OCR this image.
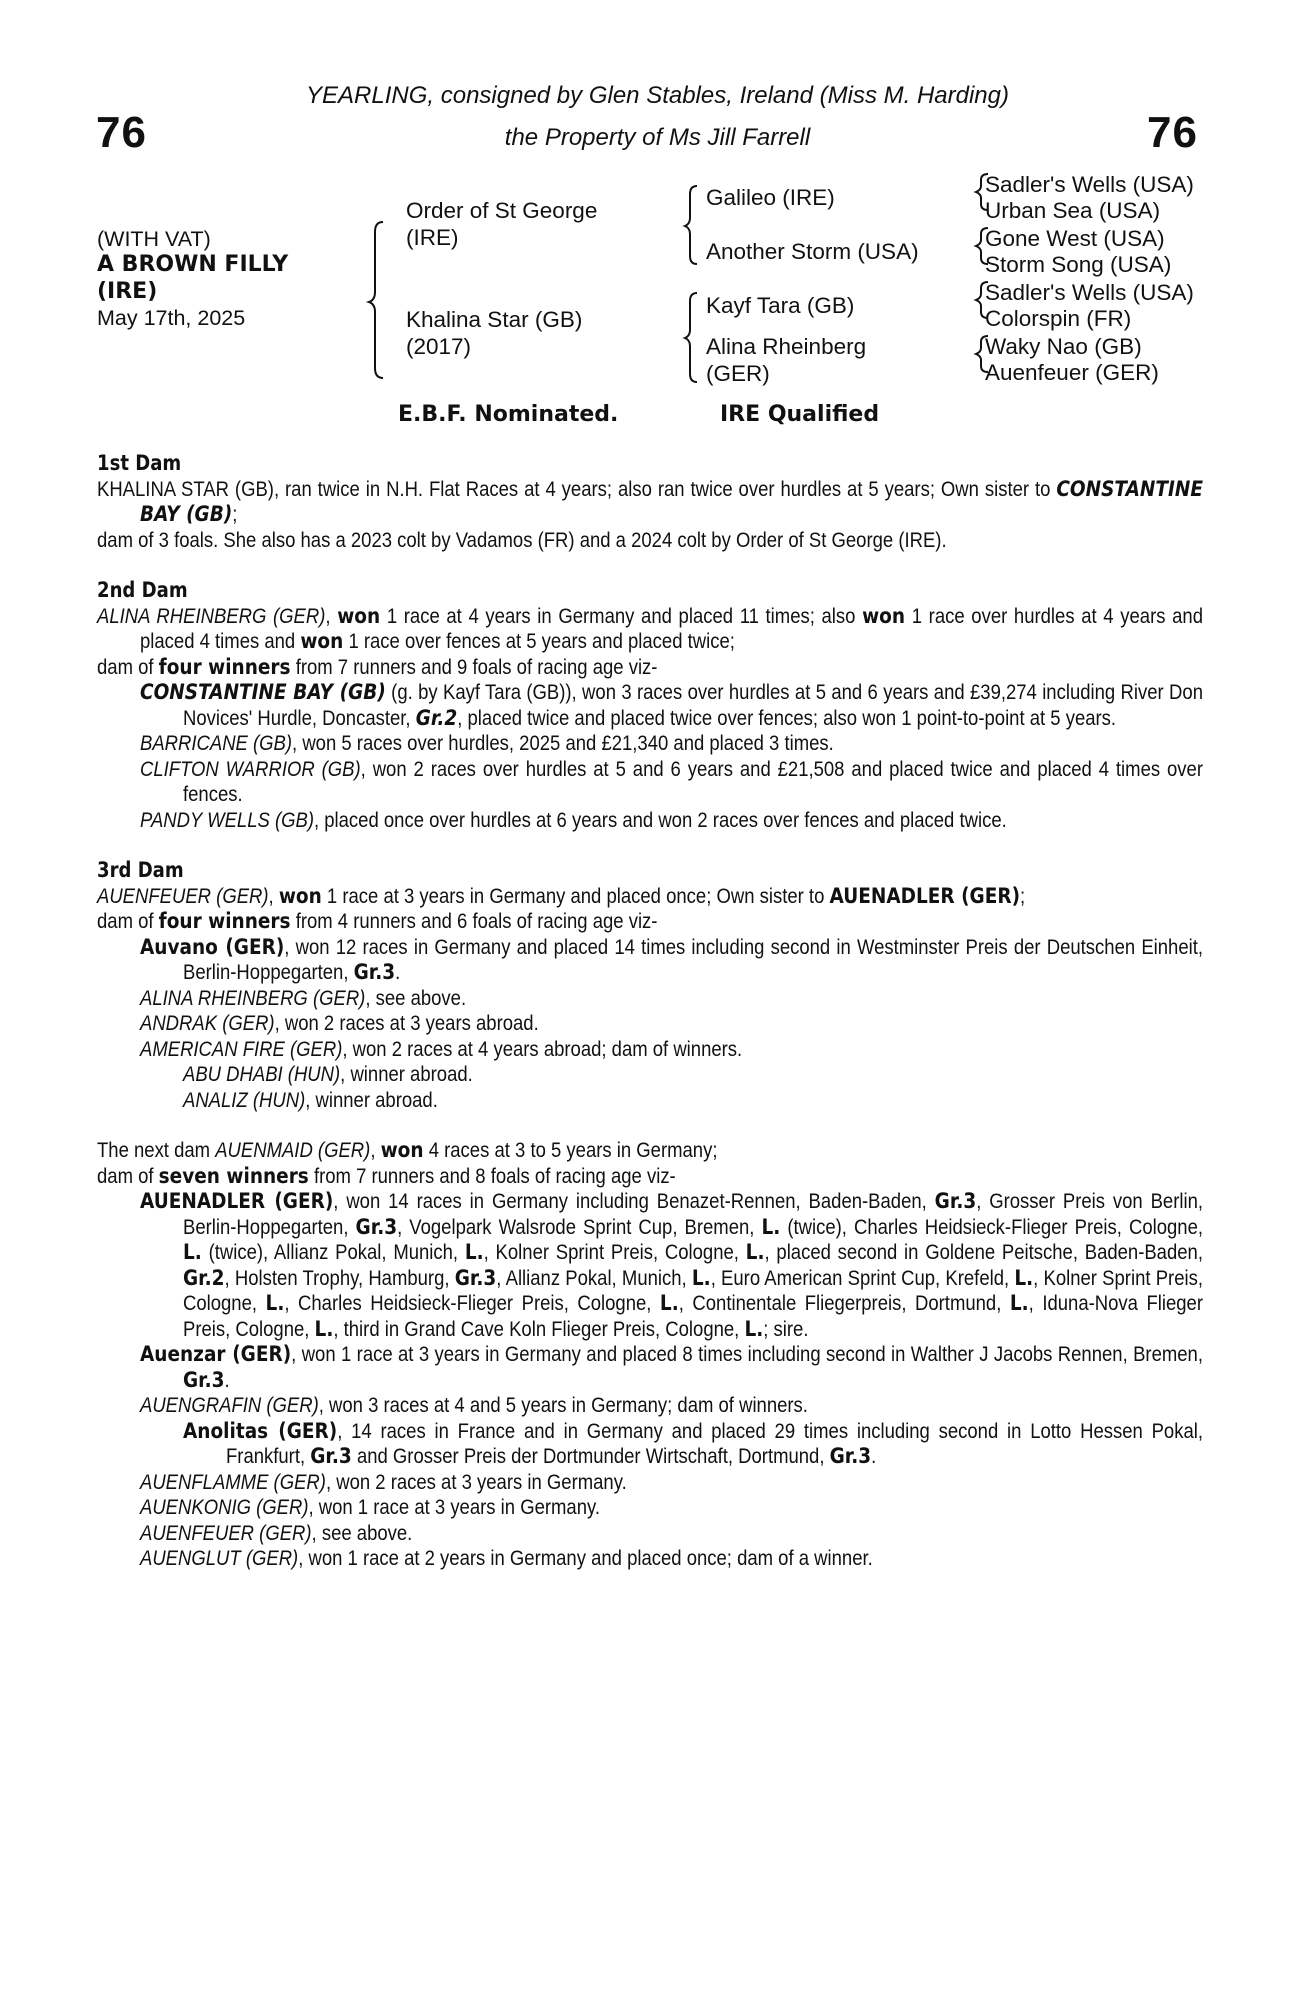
YEARLING, consigned by Glen Stables, Ireland (Miss M. Harding)
the Property of Ms Jill Farrell
76	76
(WITH VAT)
A BROWN FILLY
(IRE)
May 17th, 2025
Order of St George
(IRE)
Khalina Star (GB)
(2017)
Galileo (IRE)
Another Storm (USA)
Kayf Tara (GB)
Alina Rheinberg
(GER)
Sadler's Wells (USA)
Urban Sea (USA)
Gone West (USA)
Storm Song (USA)
Sadler's Wells (USA)
Colorspin (FR)
Waky Nao (GB)
Auenfeuer (GER)
E.B.F. Nominated.	IRE Qualified

1st Dam

KHALINA STAR (GB), ran twice in N.H. Flat Races at 4 years; also ran twice over hurdles at 5 years; Own sister to CONSTANTINE BAY (GB);

dam of 3 foals. She also has a 2023 colt by Vadamos (FR) and a 2024 colt by Order of St George (IRE).

2nd Dam

ALINA RHEINBERG (GER), won 1 race at 4 years in Germany and placed 11 times; also won 1 race over hurdles at 4 years and placed 4 times and won 1 race over fences at 5 years and placed twice;

dam of four winners from 7 runners and 9 foals of racing age viz-

CONSTANTINE BAY (GB) (g. by Kayf Tara (GB)), won 3 races over hurdles at 5 and 6 years and £39,274 including River Don Novices' Hurdle, Doncaster, Gr.2, placed twice and placed twice over fences; also won 1 point-to-point at 5 years.

BARRICANE (GB), won 5 races over hurdles, 2025 and £21,340 and placed 3 times.

CLIFTON WARRIOR (GB), won 2 races over hurdles at 5 and 6 years and £21,508 and placed twice and placed 4 times over fences.

PANDY WELLS (GB), placed once over hurdles at 6 years and won 2 races over fences and placed twice.

3rd Dam

AUENFEUER (GER), won 1 race at 3 years in Germany and placed once; Own sister to AUENADLER (GER);

dam of four winners from 4 runners and 6 foals of racing age viz-

Auvano (GER), won 12 races in Germany and placed 14 times including second in Westminster Preis der Deutschen Einheit, Berlin-Hoppegarten, Gr.3.

ALINA RHEINBERG (GER), see above.

ANDRAK (GER), won 2 races at 3 years abroad.

AMERICAN FIRE (GER), won 2 races at 4 years abroad; dam of winners.

ABU DHABI (HUN), winner abroad.

ANALIZ (HUN), winner abroad.

The next dam AUENMAID (GER), won 4 races at 3 to 5 years in Germany;

dam of seven winners from 7 runners and 8 foals of racing age viz-

AUENADLER (GER), won 14 races in Germany including Benazet-Rennen, Baden-Baden, Gr.3, Grosser Preis von Berlin, Berlin-Hoppegarten, Gr.3, Vogelpark Walsrode Sprint Cup, Bremen, L. (twice), Charles Heidsieck-Flieger Preis, Cologne, L. (twice), Allianz Pokal, Munich, L., Kolner Sprint Preis, Cologne, L., placed second in Goldene Peitsche, Baden-Baden, Gr.2, Holsten Trophy, Hamburg, Gr.3, Allianz Pokal, Munich, L., Euro American Sprint Cup, Krefeld, L., Kolner Sprint Preis, Cologne, L., Charles Heidsieck-Flieger Preis, Cologne, L., Continentale Fliegerpreis, Dortmund, L., Iduna-Nova Flieger Preis, Cologne, L., third in Grand Cave Koln Flieger Preis, Cologne, L.; sire.

Auenzar (GER), won 1 race at 3 years in Germany and placed 8 times including second in Walther J Jacobs Rennen, Bremen, Gr.3.

AUENGRAFIN (GER), won 3 races at 4 and 5 years in Germany; dam of winners.

Anolitas (GER), 14 races in France and in Germany and placed 29 times including second in Lotto Hessen Pokal, Frankfurt, Gr.3 and Grosser Preis der Dortmunder Wirtschaft, Dortmund, Gr.3.

AUENFLAMME (GER), won 2 races at 3 years in Germany.

AUENKONIG (GER), won 1 race at 3 years in Germany.

AUENFEUER (GER), see above.

AUENGLUT (GER), won 1 race at 2 years in Germany and placed once; dam of a winner.
